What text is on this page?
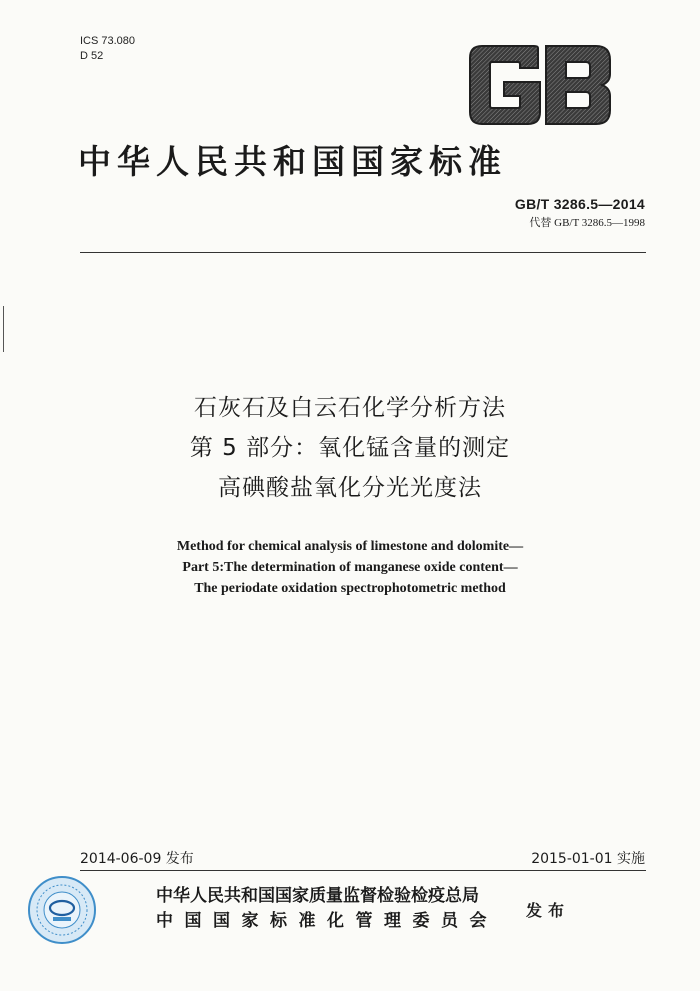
ICS 73.080
D 52
中华人民共和国国家标准
GB/T 3286.5—2014
代替 GB/T 3286.5—1998
石灰石及白云石化学分析方法
第 5 部分：氧化锰含量的测定
高碘酸盐氧化分光光度法
Method for chemical analysis of limestone and dolomite—
Part 5:The determination of manganese oxide content—
The periodate oxidation spectrophotometric method
2014-06-09 发布	2015-01-01 实施
中华人民共和国国家质量监督检验检疫总局
中国国家标准化管理委员会
发布
